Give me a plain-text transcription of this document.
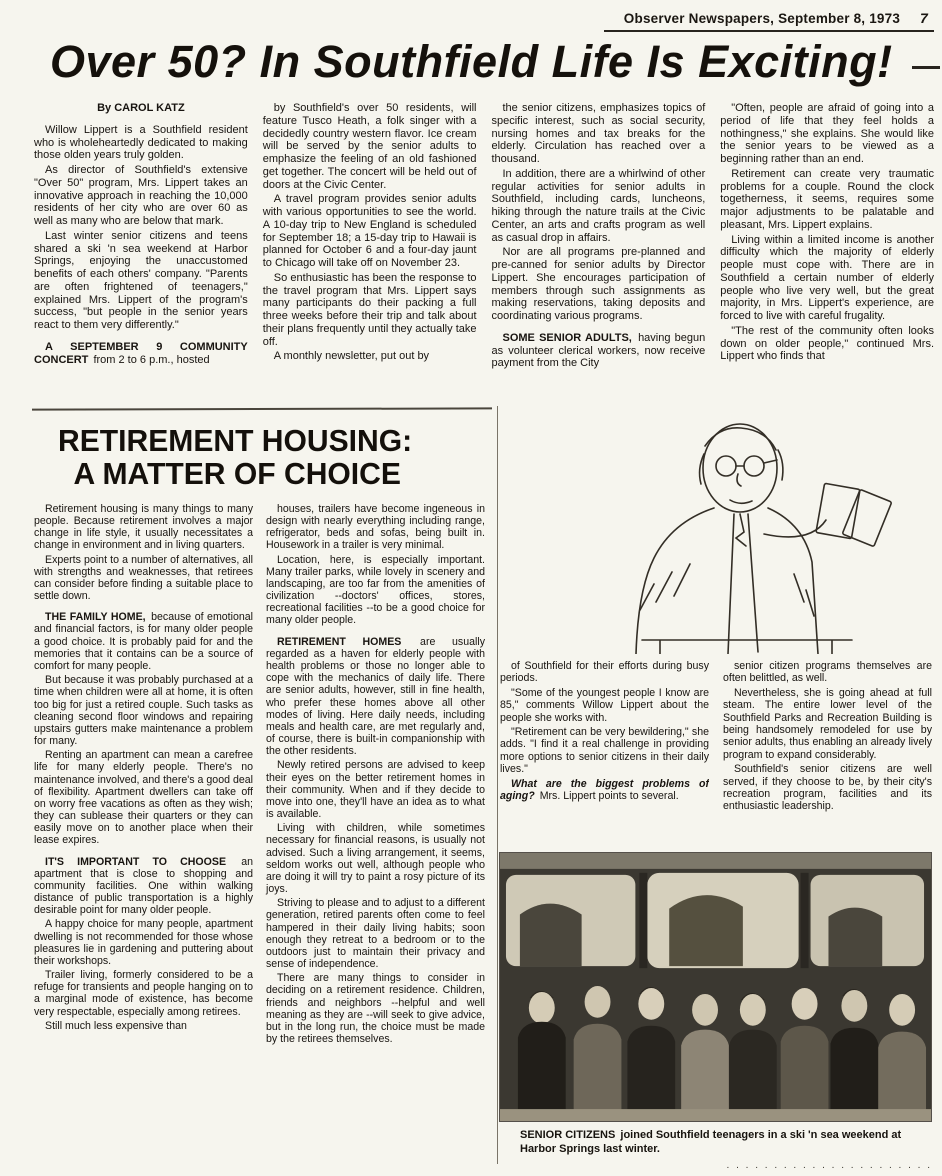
Observer Newspapers, September 8, 1973 7
Over 50? In Southfield Life Is Exciting!

By CAROL KATZ

Willow Lippert is a Southfield resident who is wholeheartedly dedicated to making those olden years truly golden.

As director of Southfield's extensive "Over 50" program, Mrs. Lippert takes an innovative approach in reaching the 10,000 residents of her city who are over 60 as well as many who are below that mark.

Last winter senior citizens and teens shared a ski 'n sea weekend at Harbor Springs, enjoying the unaccustomed benefits of each others' company. "Parents are often frightened of teenagers," explained Mrs. Lippert of the program's success, "but people in the senior years react to them very differently."

A SEPTEMBER 9 COMMUNITY CONCERT from 2 to 6 p.m., hosted

by Southfield's over 50 residents, will feature Tusco Heath, a folk singer with a decidedly country western flavor. Ice cream will be served by the senior adults to emphasize the feeling of an old fashioned get together. The concert will be held out of doors at the Civic Center.

A travel program provides senior adults with various opportunities to see the world. A 10-day trip to New England is scheduled for September 18; a 15-day trip to Hawaii is planned for October 6 and a four-day jaunt to Chicago will take off on November 23.

So enthusiastic has been the response to the travel program that Mrs. Lippert says many participants do their packing a full three weeks before their trip and talk about their plans frequently until they actually take off.

A monthly newsletter, put out by

the senior citizens, emphasizes topics of specific interest, such as social security, nursing homes and tax breaks for the elderly. Circulation has reached over a thousand.

In addition, there are a whirlwind of other regular activities for senior adults in Southfield, including cards, luncheons, hiking through the nature trails at the Civic Center, an arts and crafts program as well as casual drop in affairs.

Nor are all programs pre-planned and pre-canned for senior adults by Director Lippert. She encourages participation of members through such assignments as making reservations, taking deposits and coordinating various programs.

SOME SENIOR ADULTS, having begun as volunteer clerical workers, now receive payment from the City

"Often, people are afraid of going into a period of life that they feel holds a nothingness," she explains. She would like the senior years to be viewed as a beginning rather than an end.

Retirement can create very traumatic problems for a couple. Round the clock togetherness, it seems, requires some major adjustments to be palatable and pleasant, Mrs. Lippert explains.

Living within a limited income is another difficulty which the majority of elderly people must cope with. There are in Southfield a certain number of elderly people who live very well, but the great majority, in Mrs. Lippert's experience, are forced to live with careful frugality.

"The rest of the community often looks down on older people," continued Mrs. Lippert who finds that

RETIREMENT HOUSING:
A MATTER OF CHOICE

Retirement housing is many things to many people. Because retirement involves a major change in life style, it usually necessitates a change in environment and in living quarters.

Experts point to a number of alternatives, all with strengths and weaknesses, that retirees can consider before finding a suitable place to settle down.

THE FAMILY HOME, because of emotional and financial factors, is for many older people a good choice. It is probably paid for and the memories that it contains can be a source of comfort for many people.

But because it was probably purchased at a time when children were all at home, it is often too big for just a retired couple. Such tasks as cleaning second floor windows and repairing upstairs gutters make maintenance a problem for many.

Renting an apartment can mean a carefree life for many elderly people. There's no maintenance involved, and there's a good deal of flexibility. Apartment dwellers can take off on worry free vacations as often as they wish; they can sublease their quarters or they can easily move on to another place when their lease expires.

IT'S IMPORTANT TO CHOOSE an apartment that is close to shopping and community facilities. One within walking distance of public transportation is a highly desirable point for many older people.

A happy choice for many people, apartment dwelling is not recommended for those whose pleasures lie in gardening and puttering about their workshops.

Trailer living, formerly considered to be a refuge for transients and people hanging on to a marginal mode of existence, has become very respectable, especially among retirees.

Still much less expensive than

houses, trailers have become ingeneous in design with nearly everything including range, refrigerator, beds and sofas, being built in. Housework in a trailer is very minimal.

Location, here, is especially important. Many trailer parks, while lovely in scenery and landscaping, are too far from the amenities of civilization --doctors' offices, stores, recreational facilities --to be a good choice for many older people.

RETIREMENT HOMES are usually regarded as a haven for elderly people with health problems or those no longer able to cope with the mechanics of daily life. There are senior adults, however, still in fine health, who prefer these homes above all other modes of living. Here daily needs, including meals and health care, are met regularly and, of course, there is built-in companionship with the other residents.

Newly retired persons are advised to keep their eyes on the better retirement homes in their community. When and if they decide to move into one, they'll have an idea as to what is available.

Living with children, while sometimes necessary for financial reasons, is usually not advised. Such a living arrangement, it seems, seldom works out well, although people who are doing it will try to paint a rosy picture of its joys.

Striving to please and to adjust to a different generation, retired parents often come to feel hampered in their daily living habits; soon enough they retreat to a bedroom or to the outdoors just to maintain their privacy and sense of independence.

There are many things to consider in deciding on a retirement residence. Children, friends and neighbors --helpful and well meaning as they are --will seek to give advice, but in the long run, the choice must be made by the retirees themselves.

of Southfield for their efforts during busy periods.

"Some of the youngest people I know are 85," comments Willow Lippert about the people she works with.

"Retirement can be very bewildering," she adds. "I find it a real challenge in providing more options to senior citizens in their daily lives."

What are the biggest problems of aging? Mrs. Lippert points to several.

senior citizen programs themselves are often belittled, as well.

Nevertheless, she is going ahead at full steam. The entire lower level of the Southfield Parks and Recreation Building is being handsomely remodeled for use by senior adults, thus enabling an already lively program to expand considerably.

Southfield's senior citizens are well served, if they choose to be, by their city's recreation program, facilities and its enthusiastic leadership.

SENIOR CITIZENS joined Southfield teenagers in a ski 'n sea weekend at Harbor Springs last winter.

. . . . . . . . . . . . . . . . . . . . . .
